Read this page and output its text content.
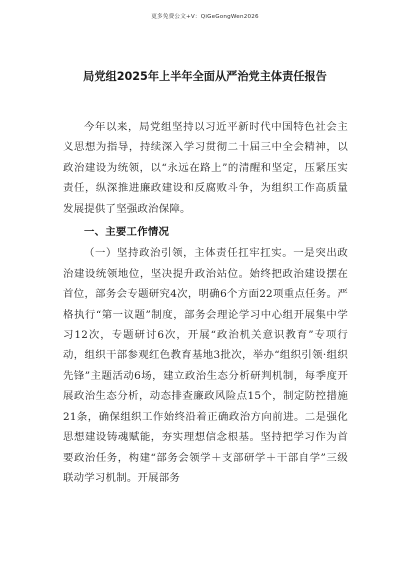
更多免费公文+V：QiGeGongWen2026
局党组2025年上半年全面从严治党主体责任报告

今年以来，局党组坚持以习近平新时代中国特色社会主义思想为指导，持续深入学习贯彻二十届三中全会精神，以政治建设为统领，以“永远在路上”的清醒和坚定，压紧压实责任，纵深推进廉政建设和反腐败斗争，为组织工作高质量发展提供了坚强政治保障。

一、主要工作情况

（一）坚持政治引领，主体责任扛牢扛实。一是突出政治建设统领地位，坚决提升政治站位。始终把政治建设摆在首位，部务会专题研究4次，明确6个方面22项重点任务。严格执行“第一议题”制度，部务会理论学习中心组开展集中学习12次，专题研讨6次，开展“政治机关意识教育”专项行动，组织干部参观红色教育基地3批次，举办“组织引领·组织先锋”主题活动6场，建立政治生态分析研判机制，每季度开展政治生态分析，动态排查廉政风险点15个，制定防控措施21条，确保组织工作始终沿着正确政治方向前进。二是强化思想建设铸魂赋能，夯实理想信念根基。坚持把学习作为首要政治任务，构建“部务会领学＋支部研学＋干部自学”三级联动学习机制。开展部务
